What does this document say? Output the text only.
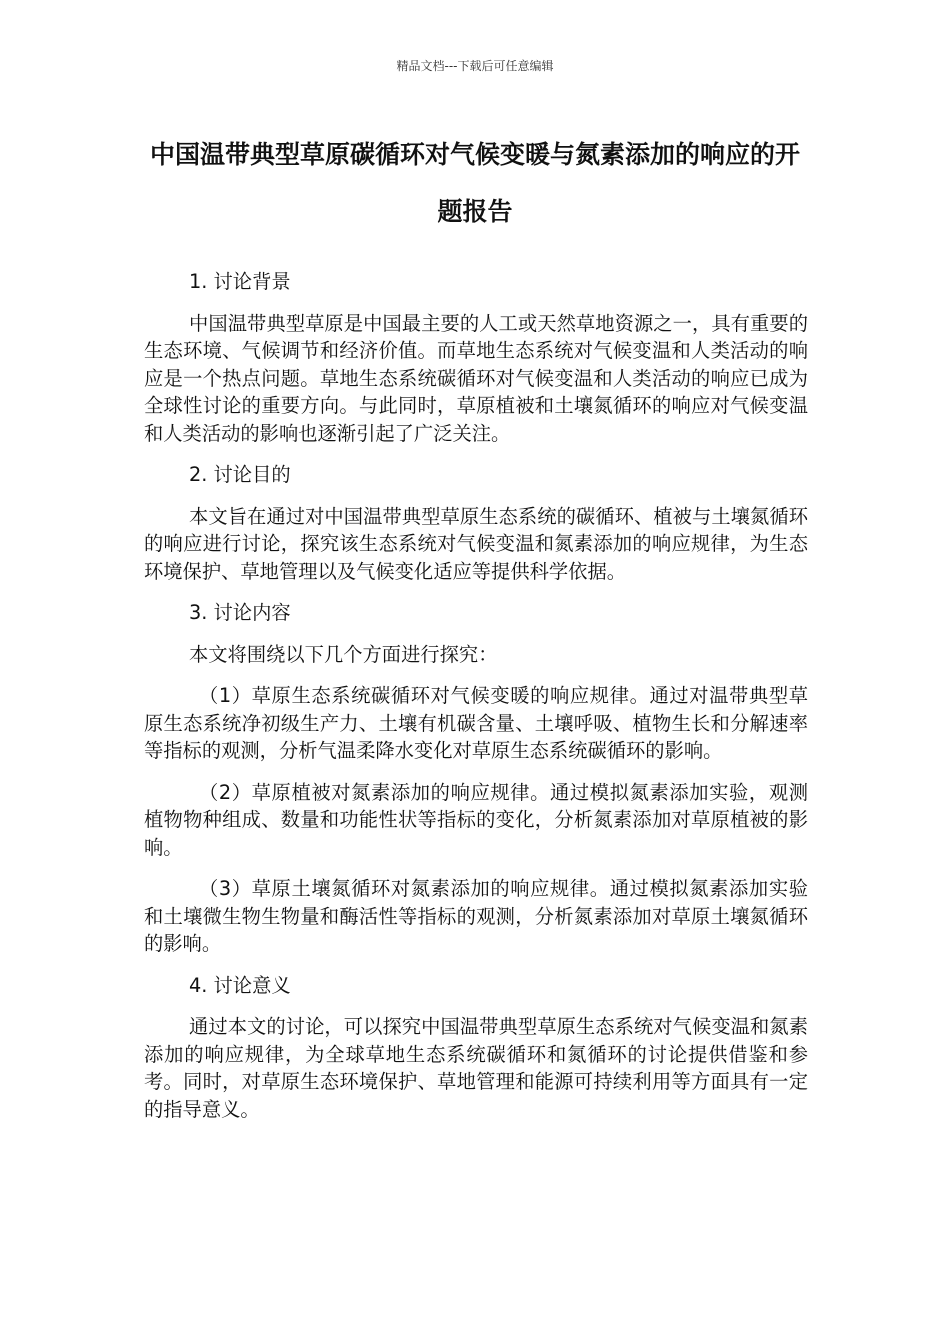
精品文档---下载后可任意编辑
中国温带典型草原碳循环对气候变暖与氮素添加的响应的开题报告
1. 讨论背景
中国温带典型草原是中国最主要的人工或天然草地资源之一，具有重要的生态环境、气候调节和经济价值。而草地生态系统对气候变温和人类活动的响应是一个热点问题。草地生态系统碳循环对气候变温和人类活动的响应已成为全球性讨论的重要方向。与此同时，草原植被和土壤氮循环的响应对气候变温和人类活动的影响也逐渐引起了广泛关注。
2. 讨论目的
本文旨在通过对中国温带典型草原生态系统的碳循环、植被与土壤氮循环的响应进行讨论，探究该生态系统对气候变温和氮素添加的响应规律，为生态环境保护、草地管理以及气候变化适应等提供科学依据。
3. 讨论内容
本文将围绕以下几个方面进行探究：
（1）草原生态系统碳循环对气候变暖的响应规律。通过对温带典型草原生态系统净初级生产力、土壤有机碳含量、土壤呼吸、植物生长和分解速率等指标的观测，分析气温柔降水变化对草原生态系统碳循环的影响。
（2）草原植被对氮素添加的响应规律。通过模拟氮素添加实验，观测植物物种组成、数量和功能性状等指标的变化，分析氮素添加对草原植被的影响。
（3）草原土壤氮循环对氮素添加的响应规律。通过模拟氮素添加实验和土壤微生物生物量和酶活性等指标的观测，分析氮素添加对草原土壤氮循环的影响。
4. 讨论意义
通过本文的讨论，可以探究中国温带典型草原生态系统对气候变温和氮素添加的响应规律，为全球草地生态系统碳循环和氮循环的讨论提供借鉴和参考。同时，对草原生态环境保护、草地管理和能源可持续利用等方面具有一定的指导意义。
